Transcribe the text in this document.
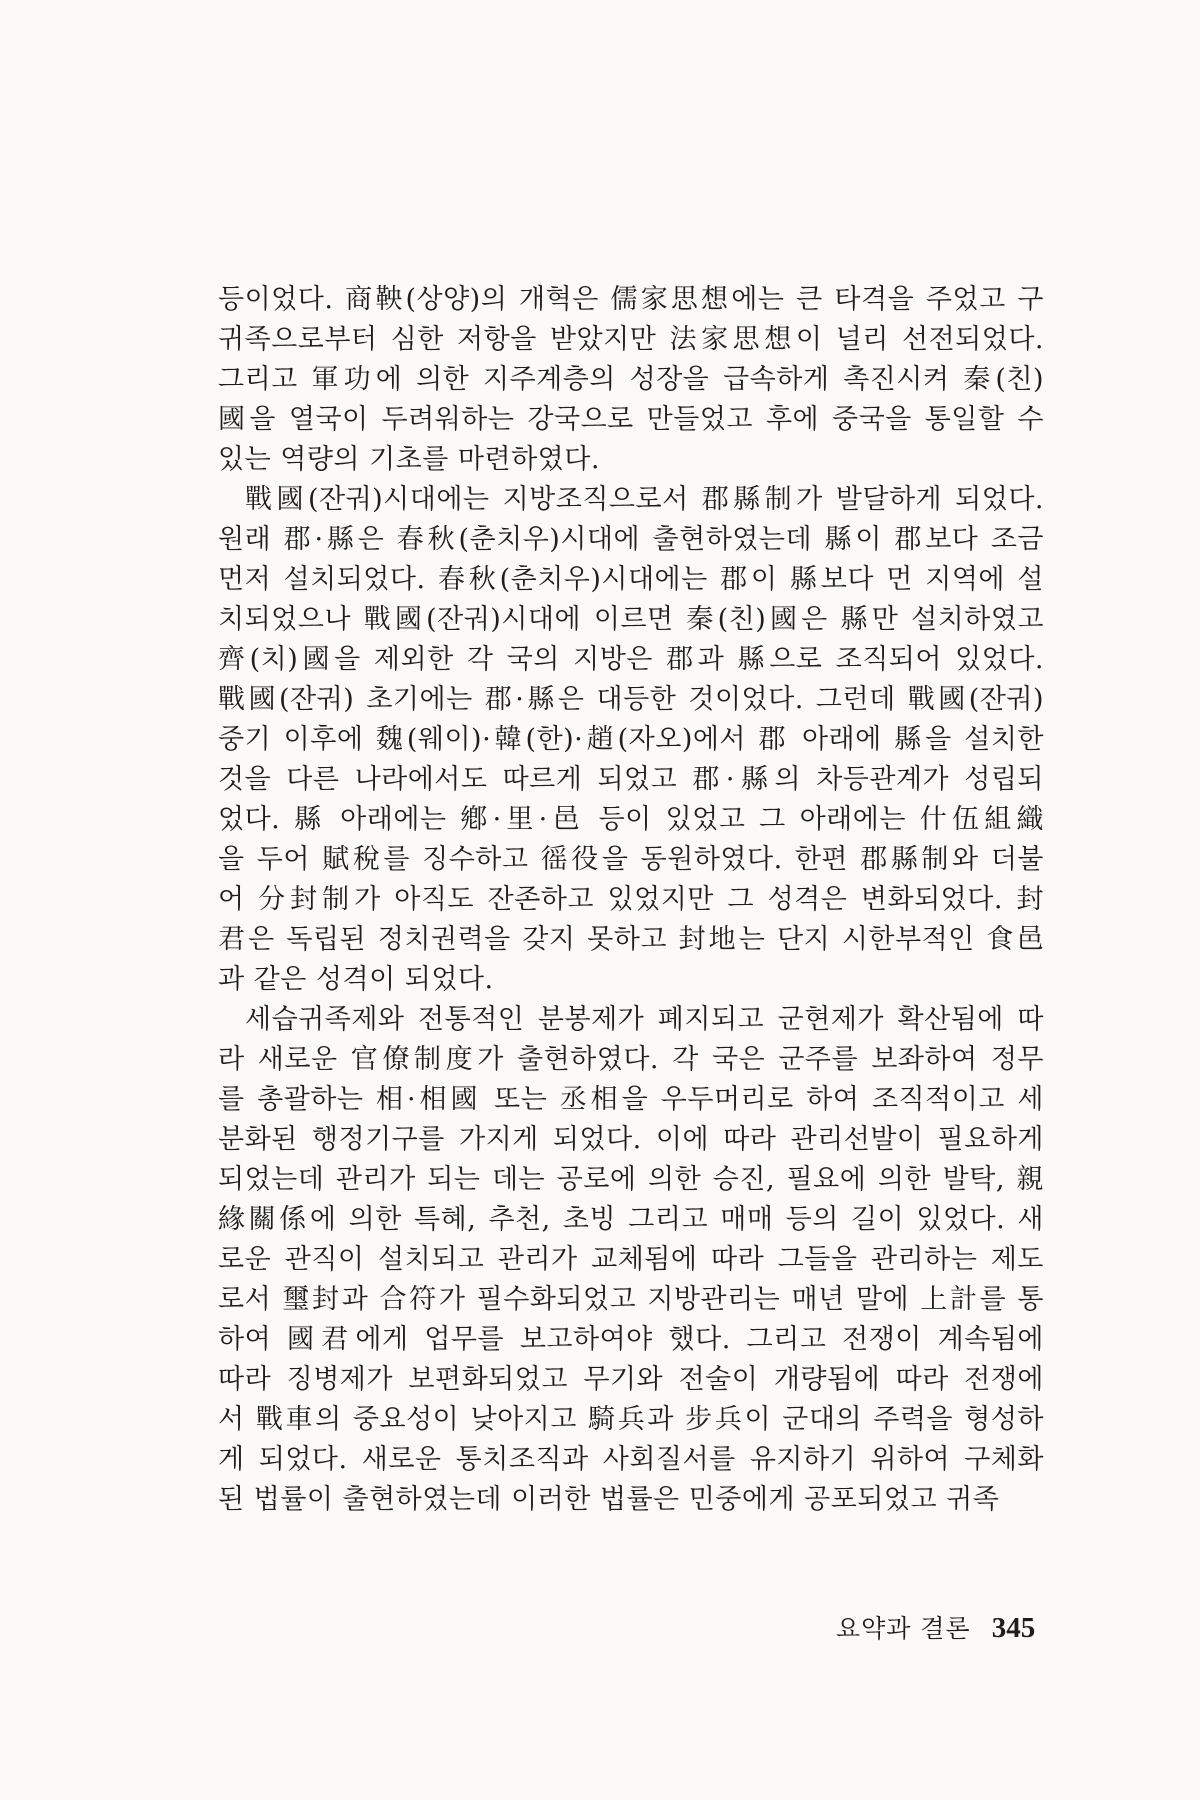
등이었다. 商鞅(상양)의 개혁은 儒家思想에는 큰 타격을 주었고 구
귀족으로부터 심한 저항을 받았지만 法家思想이 널리 선전되었다.
그리고 軍功에 의한 지주계층의 성장을 급속하게 촉진시켜 秦(친)
國을 열국이 두려워하는 강국으로 만들었고 후에 중국을 통일할 수
있는 역량의 기초를 마련하였다.
戰國(잔궈)시대에는 지방조직으로서 郡縣制가 발달하게 되었다.
원래 郡·縣은 春秋(춘치우)시대에 출현하였는데 縣이 郡보다 조금
먼저 설치되었다. 春秋(춘치우)시대에는 郡이 縣보다 먼 지역에 설
치되었으나 戰國(잔궈)시대에 이르면 秦(친)國은 縣만 설치하였고
齊(치)國을 제외한 각 국의 지방은 郡과 縣으로 조직되어 있었다.
戰國(잔궈) 초기에는 郡·縣은 대등한 것이었다. 그런데 戰國(잔궈)
중기 이후에 魏(웨이)·韓(한)·趙(자오)에서 郡 아래에 縣을 설치한
것을 다른 나라에서도 따르게 되었고 郡·縣의 차등관계가 성립되
었다. 縣 아래에는 鄕·里·邑 등이 있었고 그 아래에는 什伍組織
을 두어 賦稅를 징수하고 徭役을 동원하였다. 한편 郡縣制와 더불
어 分封制가 아직도 잔존하고 있었지만 그 성격은 변화되었다. 封
君은 독립된 정치권력을 갖지 못하고 封地는 단지 시한부적인 食邑
과 같은 성격이 되었다.
세습귀족제와 전통적인 분봉제가 폐지되고 군현제가 확산됨에 따
라 새로운 官僚制度가 출현하였다. 각 국은 군주를 보좌하여 정무
를 총괄하는 相·相國 또는 丞相을 우두머리로 하여 조직적이고 세
분화된 행정기구를 가지게 되었다. 이에 따라 관리선발이 필요하게
되었는데 관리가 되는 데는 공로에 의한 승진, 필요에 의한 발탁, 親
緣關係에 의한 특혜, 추천, 초빙 그리고 매매 등의 길이 있었다. 새
로운 관직이 설치되고 관리가 교체됨에 따라 그들을 관리하는 제도
로서 璽封과 合符가 필수화되었고 지방관리는 매년 말에 上計를 통
하여 國君에게 업무를 보고하여야 했다. 그리고 전쟁이 계속됨에
따라 징병제가 보편화되었고 무기와 전술이 개량됨에 따라 전쟁에
서 戰車의 중요성이 낮아지고 騎兵과 步兵이 군대의 주력을 형성하
게 되었다. 새로운 통치조직과 사회질서를 유지하기 위하여 구체화
된 법률이 출현하였는데 이러한 법률은 민중에게 공포되었고 귀족
요약과 결론 345
